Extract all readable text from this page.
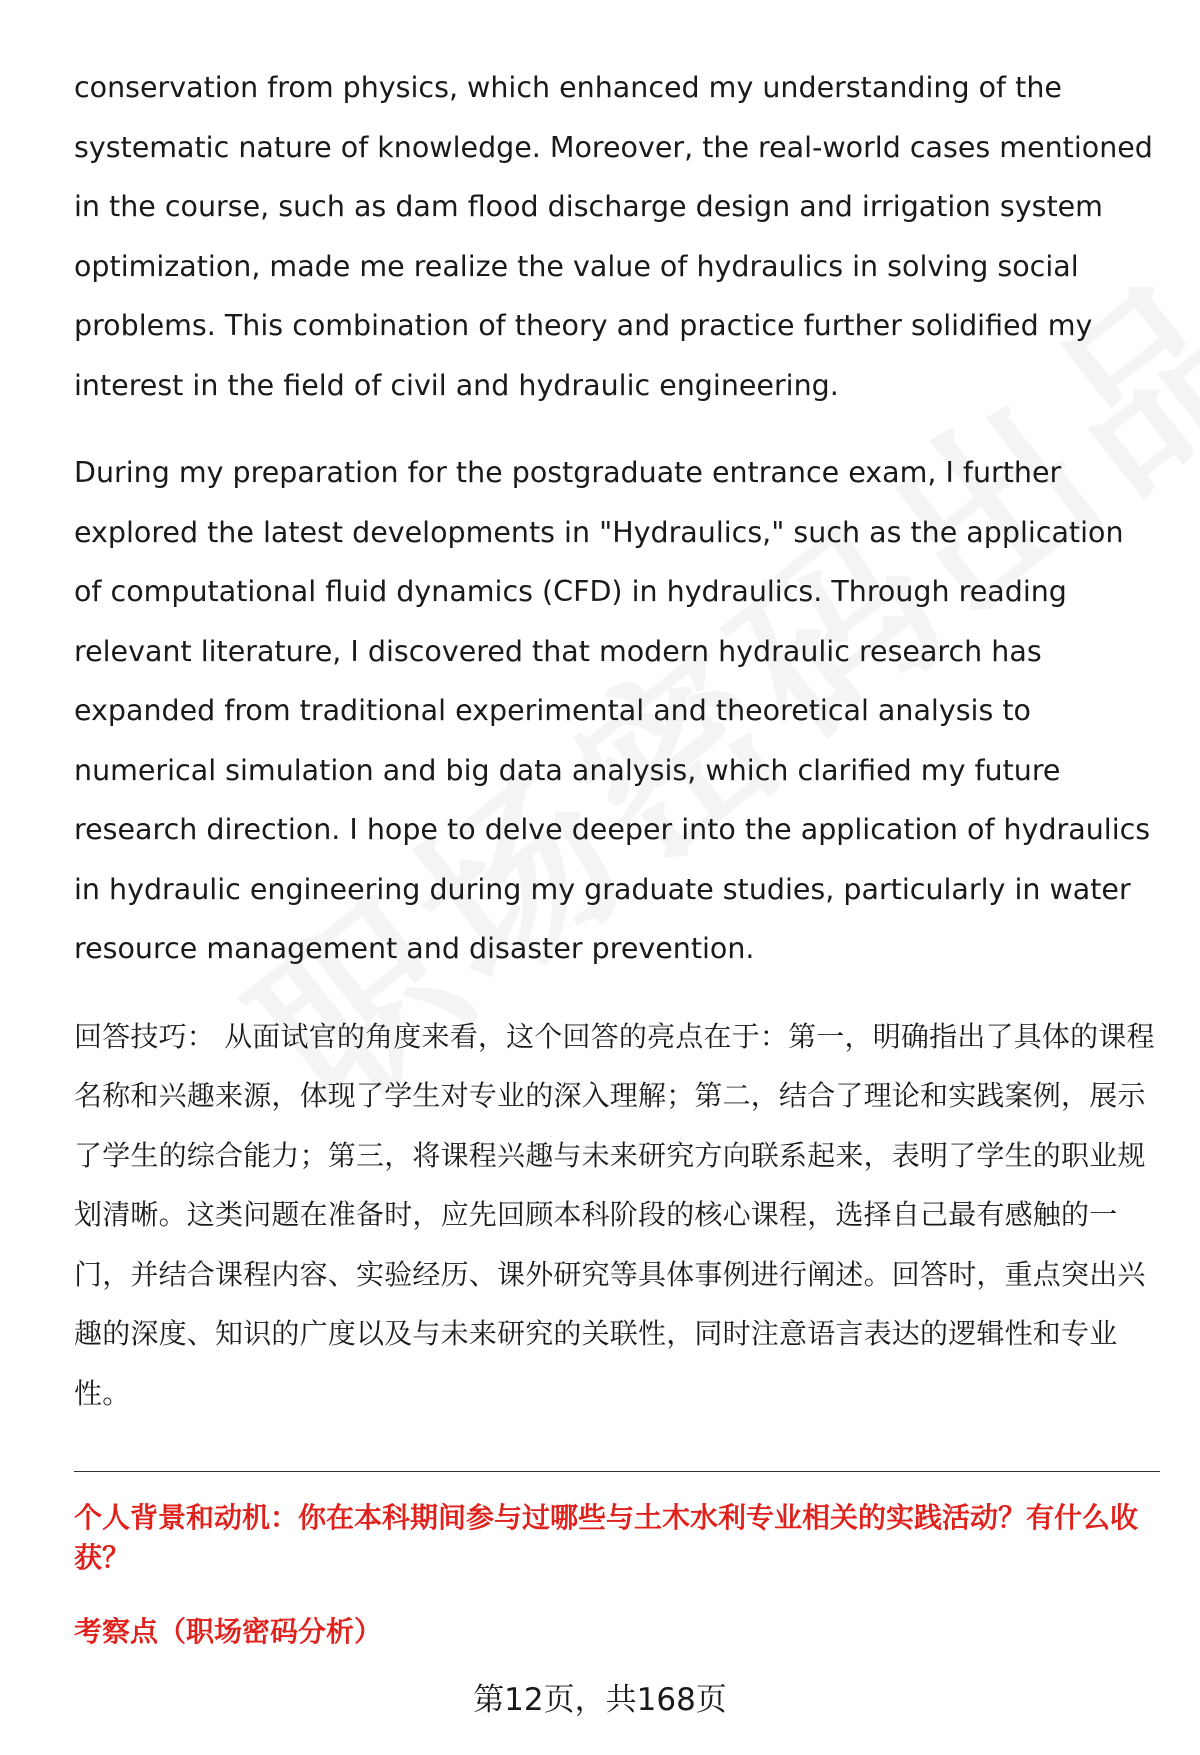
conservation from physics, which enhanced my understanding of the systematic nature of knowledge. Moreover, the real-world cases mentioned in the course, such as dam flood discharge design and irrigation system optimization, made me realize the value of hydraulics in solving social problems. This combination of theory and practice further solidified my interest in the field of civil and hydraulic engineering.

During my preparation for the postgraduate entrance exam, I further explored the latest developments in "Hydraulics," such as the application of computational fluid dynamics (CFD) in hydraulics. Through reading relevant literature, I discovered that modern hydraulic research has expanded from traditional experimental and theoretical analysis to numerical simulation and big data analysis, which clarified my future research direction. I hope to delve deeper into the application of hydraulics in hydraulic engineering during my graduate studies, particularly in water resource management and disaster prevention.

回答技巧： 从面试官的角度来看，这个回答的亮点在于：第一，明确指出了具体的课程名称和兴趣来源，体现了学生对专业的深入理解；第二，结合了理论和实践案例，展示了学生的综合能力；第三，将课程兴趣与未来研究方向联系起来，表明了学生的职业规划清晰。这类问题在准备时，应先回顾本科阶段的核心课程，选择自己最有感触的一门，并结合课程内容、实验经历、课外研究等具体事例进行阐述。回答时，重点突出兴趣的深度、知识的广度以及与未来研究的关联性，同时注意语言表达的逻辑性和专业性。

个人背景和动机：你在本科期间参与过哪些与土木水利专业相关的实践活动？有什么收获？
考察点（职场密码分析）
第12页，共168页
